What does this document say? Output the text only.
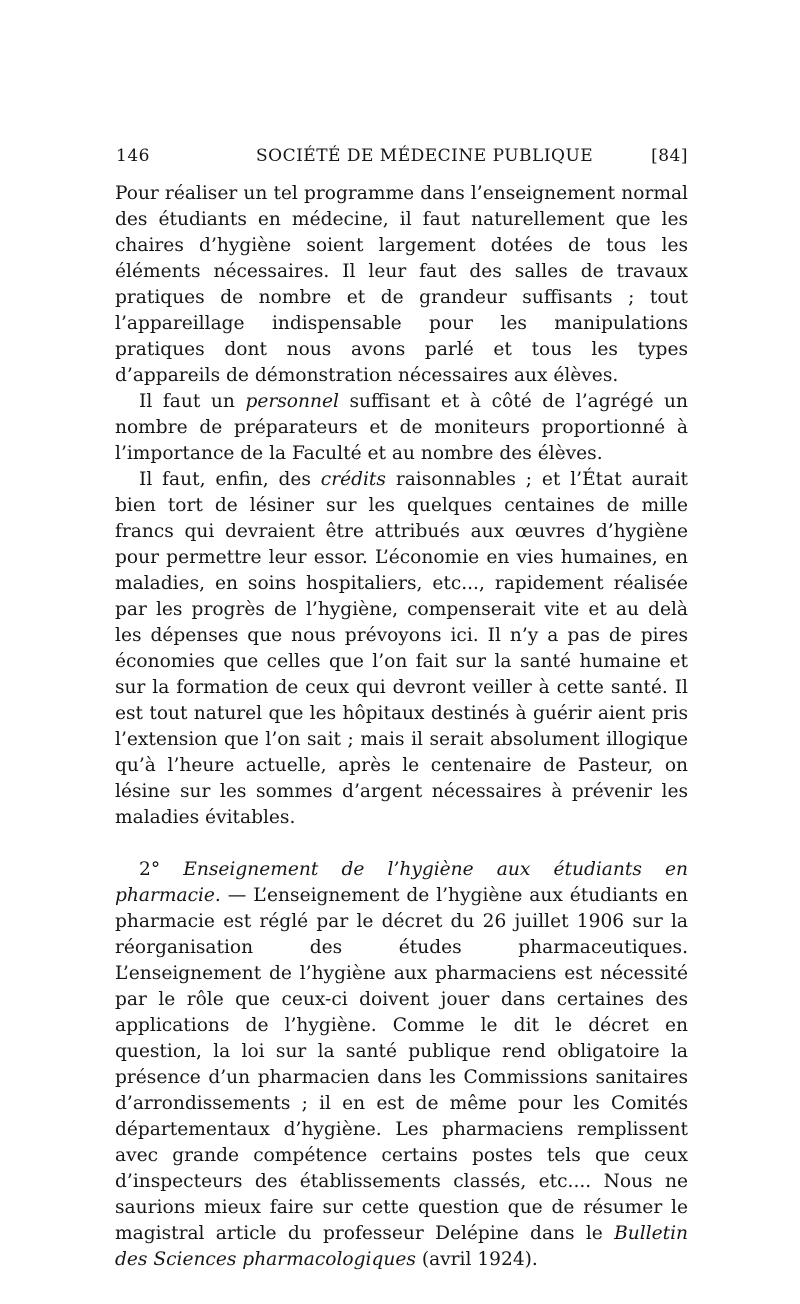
146	SOCIÉTÉ DE MÉDECINE PUBLIQUE	[84]

Pour réaliser un tel programme dans l’enseignement normal des étudiants en médecine, il faut naturellement que les chaires d’hygiène soient largement dotées de tous les éléments nécessaires. Il leur faut des salles de travaux pratiques de nombre et de grandeur suffisants ; tout l’appareillage indispensable pour les manipulations pratiques dont nous avons parlé et tous les types d’appareils de démonstration nécessaires aux élèves.

Il faut un personnel suffisant et à côté de l’agrégé un nombre de préparateurs et de moniteurs proportionné à l’importance de la Faculté et au nombre des élèves.

Il faut, enfin, des crédits raisonnables ; et l’État aurait bien tort de lésiner sur les quelques centaines de mille francs qui devraient être attribués aux œuvres d’hygiène pour permettre leur essor. L’économie en vies humaines, en maladies, en soins hospitaliers, etc..., rapidement réalisée par les progrès de l’hygiène, compenserait vite et au delà les dépenses que nous prévoyons ici. Il n’y a pas de pires économies que celles que l’on fait sur la santé humaine et sur la formation de ceux qui devront veiller à cette santé. Il est tout naturel que les hôpitaux destinés à guérir aient pris l’extension que l’on sait ; mais il serait absolument illogique qu’à l’heure actuelle, après le centenaire de Pasteur, on lésine sur les sommes d’argent nécessaires à prévenir les maladies évitables.

2° Enseignement de l’hygiène aux étudiants en pharmacie. — L’enseignement de l’hygiène aux étudiants en pharmacie est réglé par le décret du 26 juillet 1906 sur la réorganisation des études pharmaceutiques. L’enseignement de l’hygiène aux pharmaciens est nécessité par le rôle que ceux-ci doivent jouer dans certaines des applications de l’hygiène. Comme le dit le décret en question, la loi sur la santé publique rend obligatoire la présence d’un pharmacien dans les Commissions sanitaires d’arrondissements ; il en est de même pour les Comités départementaux d’hygiène. Les pharmaciens remplissent avec grande compétence certains postes tels que ceux d’inspecteurs des établissements classés, etc.... Nous ne saurions mieux faire sur cette question que de résumer le magistral article du professeur Delépine dans le Bulletin des Sciences pharmacologiques (avril 1924).
